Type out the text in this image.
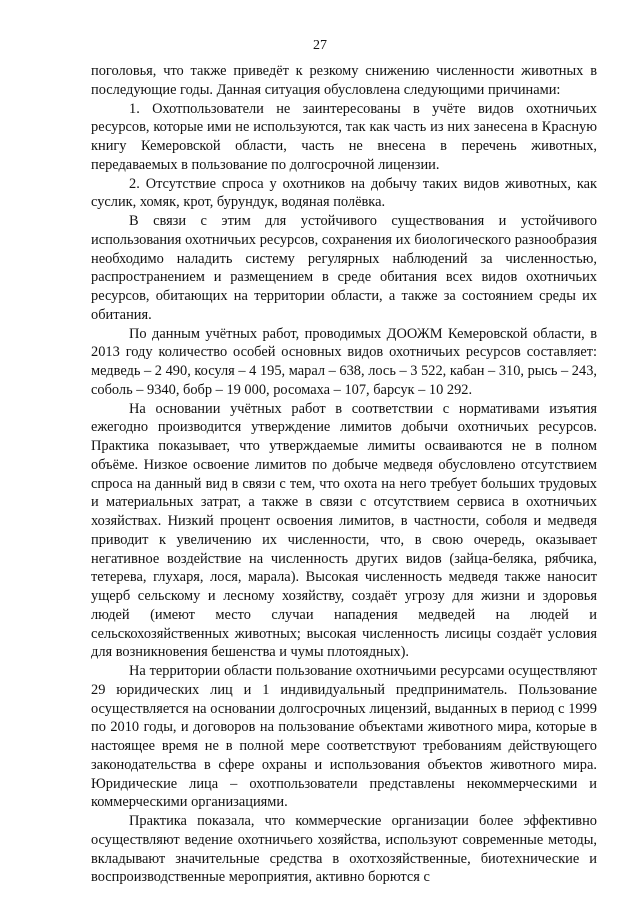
27

поголовья, что также приведёт к резкому снижению численности животных в последующие годы. Данная ситуация обусловлена следующими причинами:

1. Охотпользователи не заинтересованы в учёте видов охотничьих ресурсов, которые ими не используются, так как часть из них занесена в Красную книгу Кемеровской области, часть не внесена в перечень животных, передаваемых в пользование по долгосрочной лицензии.

2. Отсутствие спроса у охотников на добычу таких видов животных, как суслик, хомяк, крот, бурундук, водяная полёвка.

В связи с этим для устойчивого существования и устойчивого использования охотничьих ресурсов, сохранения их биологического разнообразия необходимо наладить систему регулярных наблюдений за численностью, распространением и размещением в среде обитания всех видов охотничьих ресурсов, обитающих на территории области, а также за состоянием среды их обитания.

По данным учётных работ, проводимых ДООЖМ Кемеровской области, в 2013 году количество особей основных видов охотничьих ресурсов составляет: медведь – 2 490, косуля – 4 195, марал – 638, лось – 3 522, кабан – 310, рысь – 243, соболь – 9340, бобр – 19 000, росомаха – 107, барсук – 10 292.

На основании учётных работ в соответствии с нормативами изъятия ежегодно производится утверждение лимитов добычи охотничьих ресурсов. Практика показывает, что утверждаемые лимиты осваиваются не в полном объёме. Низкое освоение лимитов по добыче медведя обусловлено отсутствием спроса на данный вид в связи с тем, что охота на него требует больших трудовых и материальных затрат, а также в связи с отсутствием сервиса в охотничьих хозяйствах. Низкий процент освоения лимитов, в частности, соболя и медведя приводит к увеличению их численности, что, в свою очередь, оказывает негативное воздействие на численность других видов (зайца-беляка, рябчика, тетерева, глухаря, лося, марала). Высокая численность медведя также наносит ущерб сельскому и лесному хозяйству, создаёт угрозу для жизни и здоровья людей (имеют место случаи нападения медведей на людей и сельскохозяйственных животных; высокая численность лисицы создаёт условия для возникновения бешенства и чумы плотоядных).

На территории области пользование охотничьими ресурсами осуществляют 29 юридических лиц и 1 индивидуальный предприниматель. Пользование осуществляется на основании долгосрочных лицензий, выданных в период с 1999 по 2010 годы, и договоров на пользование объектами животного мира, которые в настоящее время не в полной мере соответствуют требованиям действующего законодательства в сфере охраны и использования объектов животного мира. Юридические лица – охотпользователи представлены некоммерческими и коммерческими организациями.

Практика показала, что коммерческие организации более эффективно осуществляют ведение охотничьего хозяйства, используют современные методы, вкладывают значительные средства в охотхозяйственные, биотехнические и воспроизводственные мероприятия, активно борются с
